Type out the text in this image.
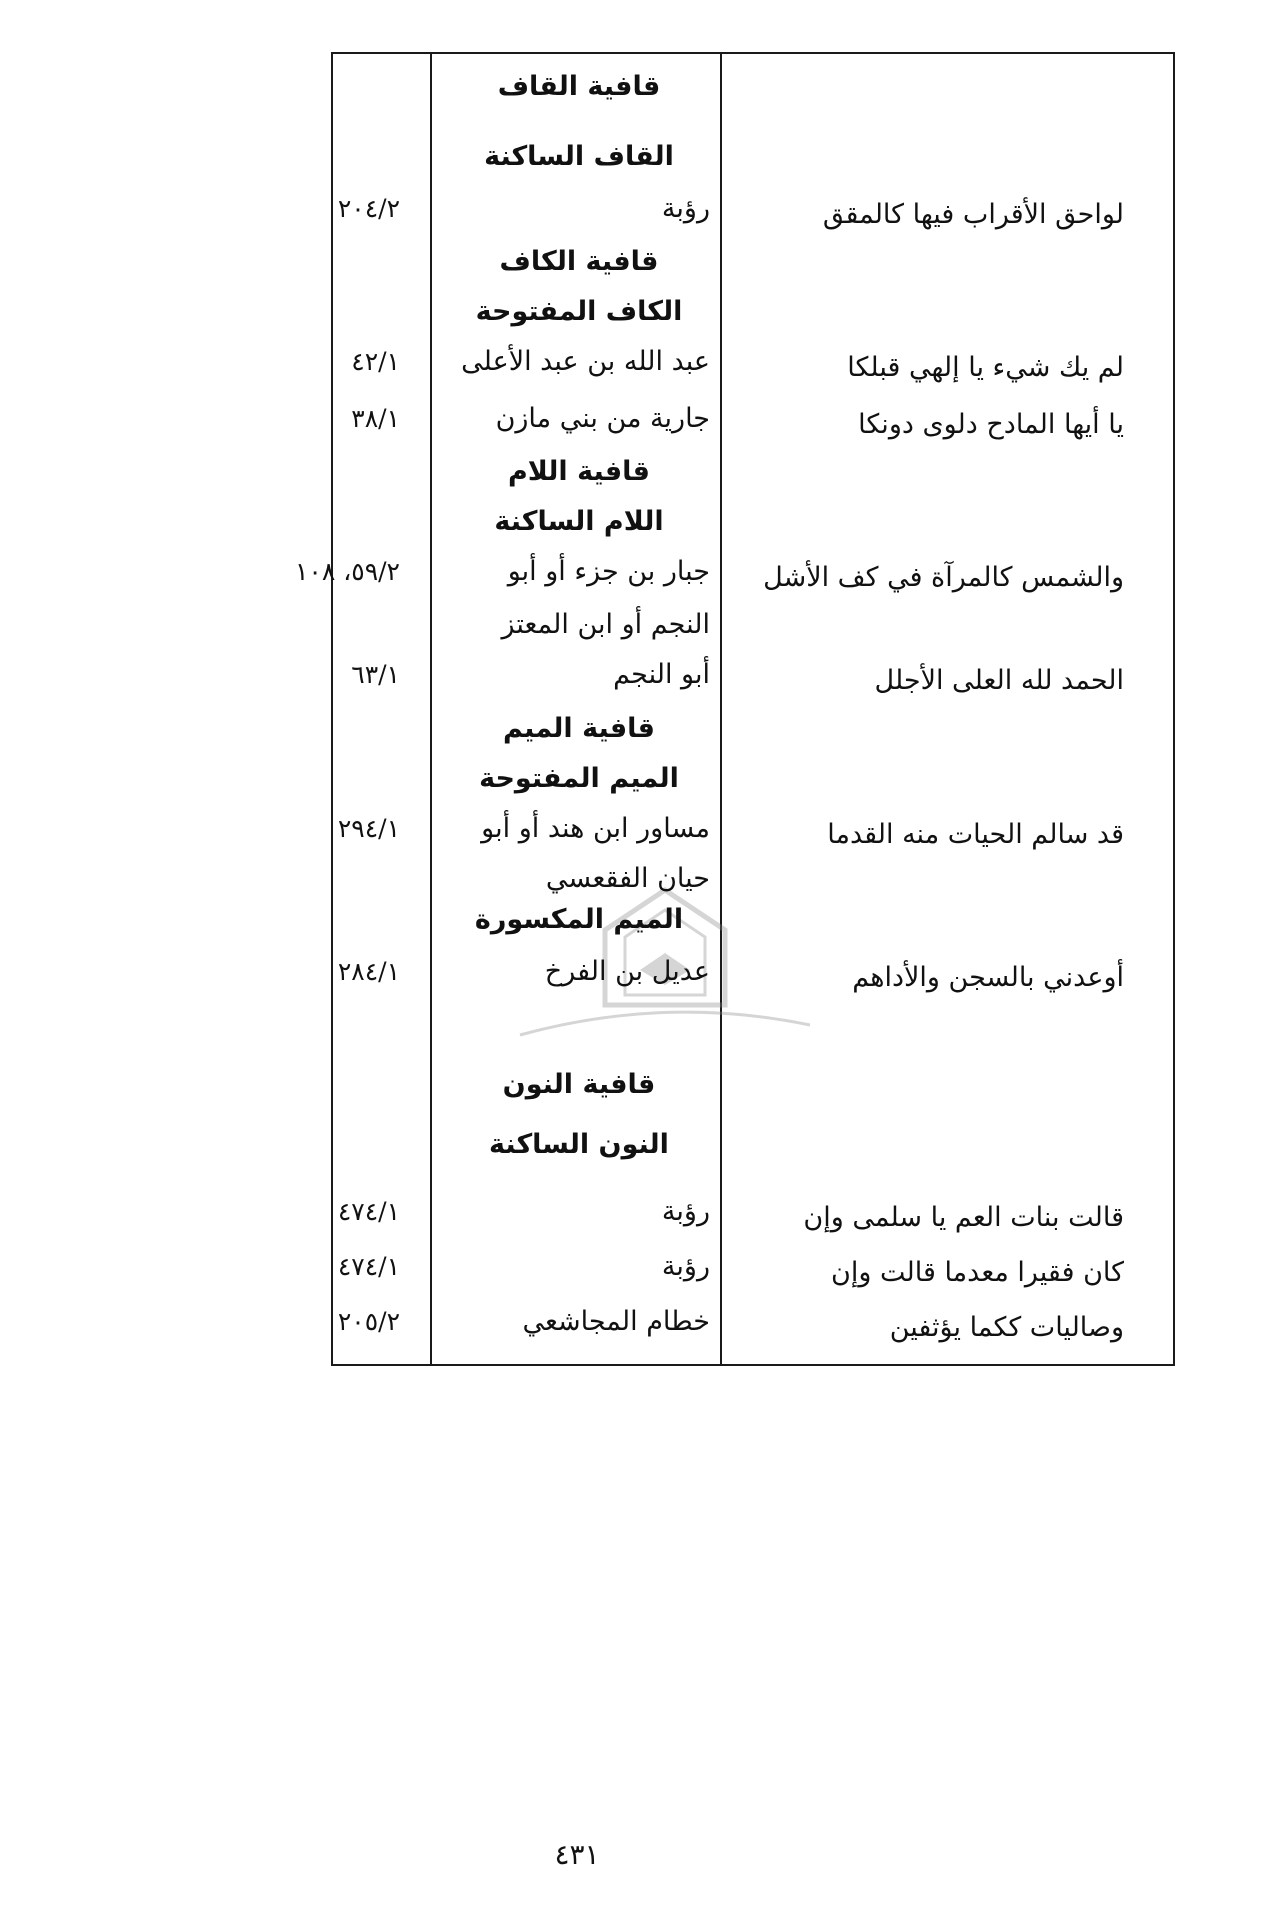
قافية القاف
القاف الساكنة
لواحق الأقراب فيها كالمقق
رؤبة
٢٠٤/٢
قافية الكاف
الكاف المفتوحة
لم يك شيء يا إلهي قبلكا
عبد الله بن عبد الأعلى
٤٢/١
يا أيها المادح دلوى دونكا
جارية من بني مازن
٣٨/١
قافية اللام
اللام الساكنة
والشمس كالمرآة في كف الأشل
جبار بن جزء أو أبو
٥٩/٢، ١٠٨
النجم أو ابن المعتز
الحمد لله العلى الأجلل
أبو النجم
٦٣/١
قافية الميم
الميم المفتوحة
قد سالم الحيات منه القدما
مساور ابن هند أو أبو
٢٩٤/١
حيان الفقعسي
الميم المكسورة
أوعدني بالسجن والأداهم
عديل بن الفرخ
٢٨٤/١
قافية النون
النون الساكنة
قالت بنات العم يا سلمى وإن
رؤبة
٤٧٤/١
كان فقيرا معدما قالت وإن
رؤبة
٤٧٤/١
وصاليات ككما يؤثفين
خطام المجاشعي
٢٠٥/٢
٤٣١
